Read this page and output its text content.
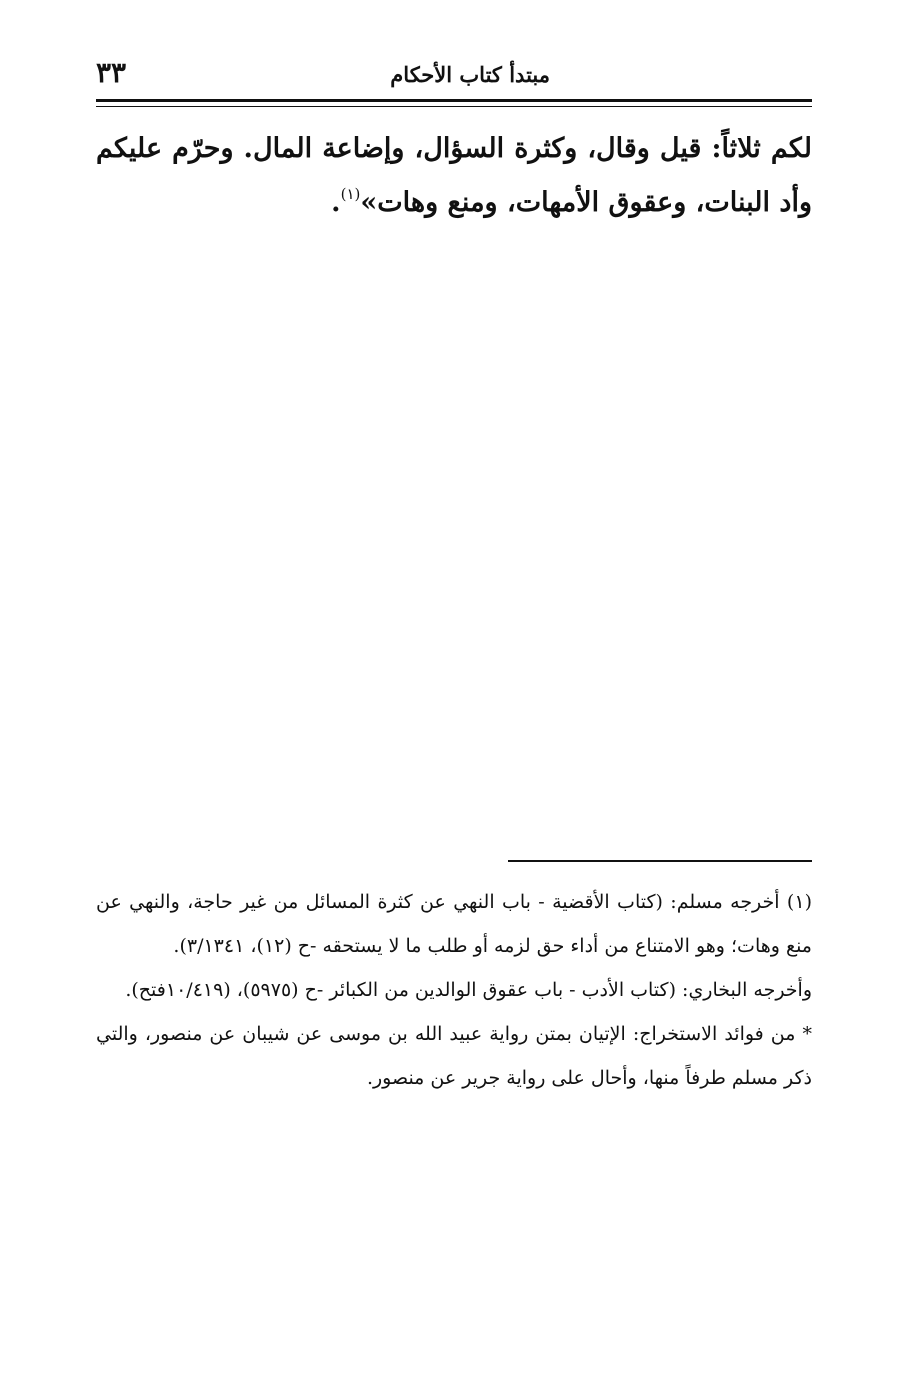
مبتدأ كتاب الأحكام
٣٣
لكم ثلاثاً: قيل وقال، وكثرة السؤال، وإضاعة المال. وحرّم عليكم وأد البنات، وعقوق الأمهات، ومنع وهات»$^{(١)}$.
(١) أخرجه مسلم: (كتاب الأقضية - باب النهي عن كثرة المسائل من غير حاجة، والنهي عن منع وهات؛ وهو الامتناع من أداء حق لزمه أو طلب ما لا يستحقه -ح (١٢)، ٣/١٣٤١).
وأخرجه البخاري: (كتاب الأدب - باب عقوق الوالدين من الكبائر -ح (٥٩٧٥)، (١٠/٤١٩فتح).
* من فوائد الاستخراج: الإتيان بمتن رواية عبيد الله بن موسى عن شيبان عن منصور، والتي ذكر مسلم طرفاً منها، وأحال على رواية جرير عن منصور.
